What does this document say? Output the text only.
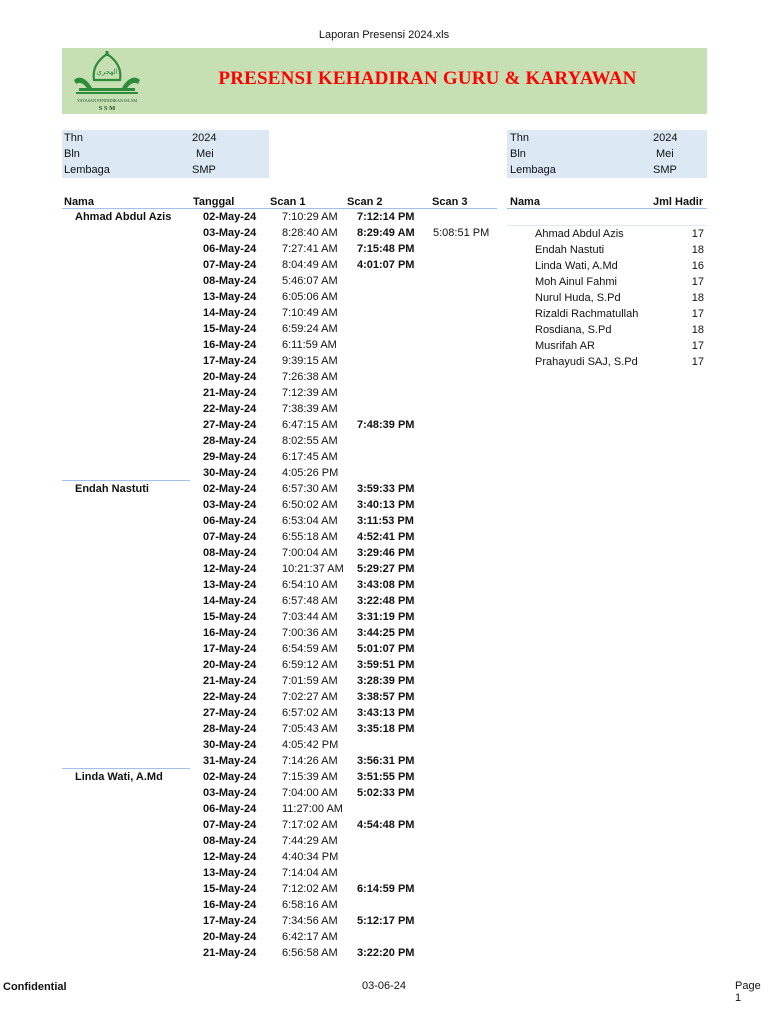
Laporan Presensi 2024.xls
الهجري
YAYASAN PENDIDIKAN ISLAM
S S M
PRESENSI KEHADIRAN GURU & KARYAWAN
Thn	2024
Bln	Mei
Lembaga	SMP
Thn	2024
Bln	Mei
Lembaga	SMP
Nama	Tanggal	Scan 1	Scan 2	Scan 3
Ahmad Abdul Azis	02-May-24 7:10:29 AM 7:12:14 PM
03-May-24 8:28:40 AM 8:29:49 AM 5:08:51 PM
06-May-24 7:27:41 AM 7:15:48 PM
07-May-24 8:04:49 AM 4:01:07 PM
08-May-24 5:46:07 AM
13-May-24 6:05:06 AM
14-May-24 7:10:49 AM
15-May-24 6:59:24 AM
16-May-24 6:11:59 AM
17-May-24 9:39:15 AM
20-May-24 7:26:38 AM
21-May-24 7:12:39 AM
22-May-24 7:38:39 AM
27-May-24 6:47:15 AM 7:48:39 PM
28-May-24 8:02:55 AM
29-May-24 6:17:45 AM
30-May-24 4:05:26 PM
Endah Nastuti	02-May-24 6:57:30 AM 3:59:33 PM
03-May-24 6:50:02 AM 3:40:13 PM
06-May-24 6:53:04 AM 3:11:53 PM
07-May-24 6:55:18 AM 4:52:41 PM
08-May-24 7:00:04 AM 3:29:46 PM
12-May-24 10:21:37 AM 5:29:27 PM
13-May-24 6:54:10 AM 3:43:08 PM
14-May-24 6:57:48 AM 3:22:48 PM
15-May-24 7:03:44 AM 3:31:19 PM
16-May-24 7:00:36 AM 3:44:25 PM
17-May-24 6:54:59 AM 5:01:07 PM
20-May-24 6:59:12 AM 3:59:51 PM
21-May-24 7:01:59 AM 3:28:39 PM
22-May-24 7:02:27 AM 3:38:57 PM
27-May-24 6:57:02 AM 3:43:13 PM
28-May-24 7:05:43 AM 3:35:18 PM
30-May-24 4:05:42 PM
31-May-24 7:14:26 AM 3:56:31 PM
Linda Wati, A.Md	02-May-24 7:15:39 AM 3:51:55 PM
03-May-24 7:04:00 AM 5:02:33 PM
06-May-24 11:27:00 AM
07-May-24 7:17:02 AM 4:54:48 PM
08-May-24 7:44:29 AM
12-May-24 4:40:34 PM
13-May-24 7:14:04 AM
15-May-24 7:12:02 AM 6:14:59 PM
16-May-24 6:58:16 AM
17-May-24 7:34:56 AM 5:12:17 PM
20-May-24 6:42:17 AM
21-May-24 6:56:58 AM 3:22:20 PM
Nama	Jml Hadir
Ahmad Abdul Azis	17
Endah Nastuti	18
Linda Wati, A.Md	16
Moh Ainul Fahmi	17
Nurul Huda, S.Pd	18
Rizaldi Rachmatullah	17
Rosdiana, S.Pd	18
Musrifah AR	17
Prahayudi SAJ, S.Pd	17
Confidential	03-06-24	Page 1
